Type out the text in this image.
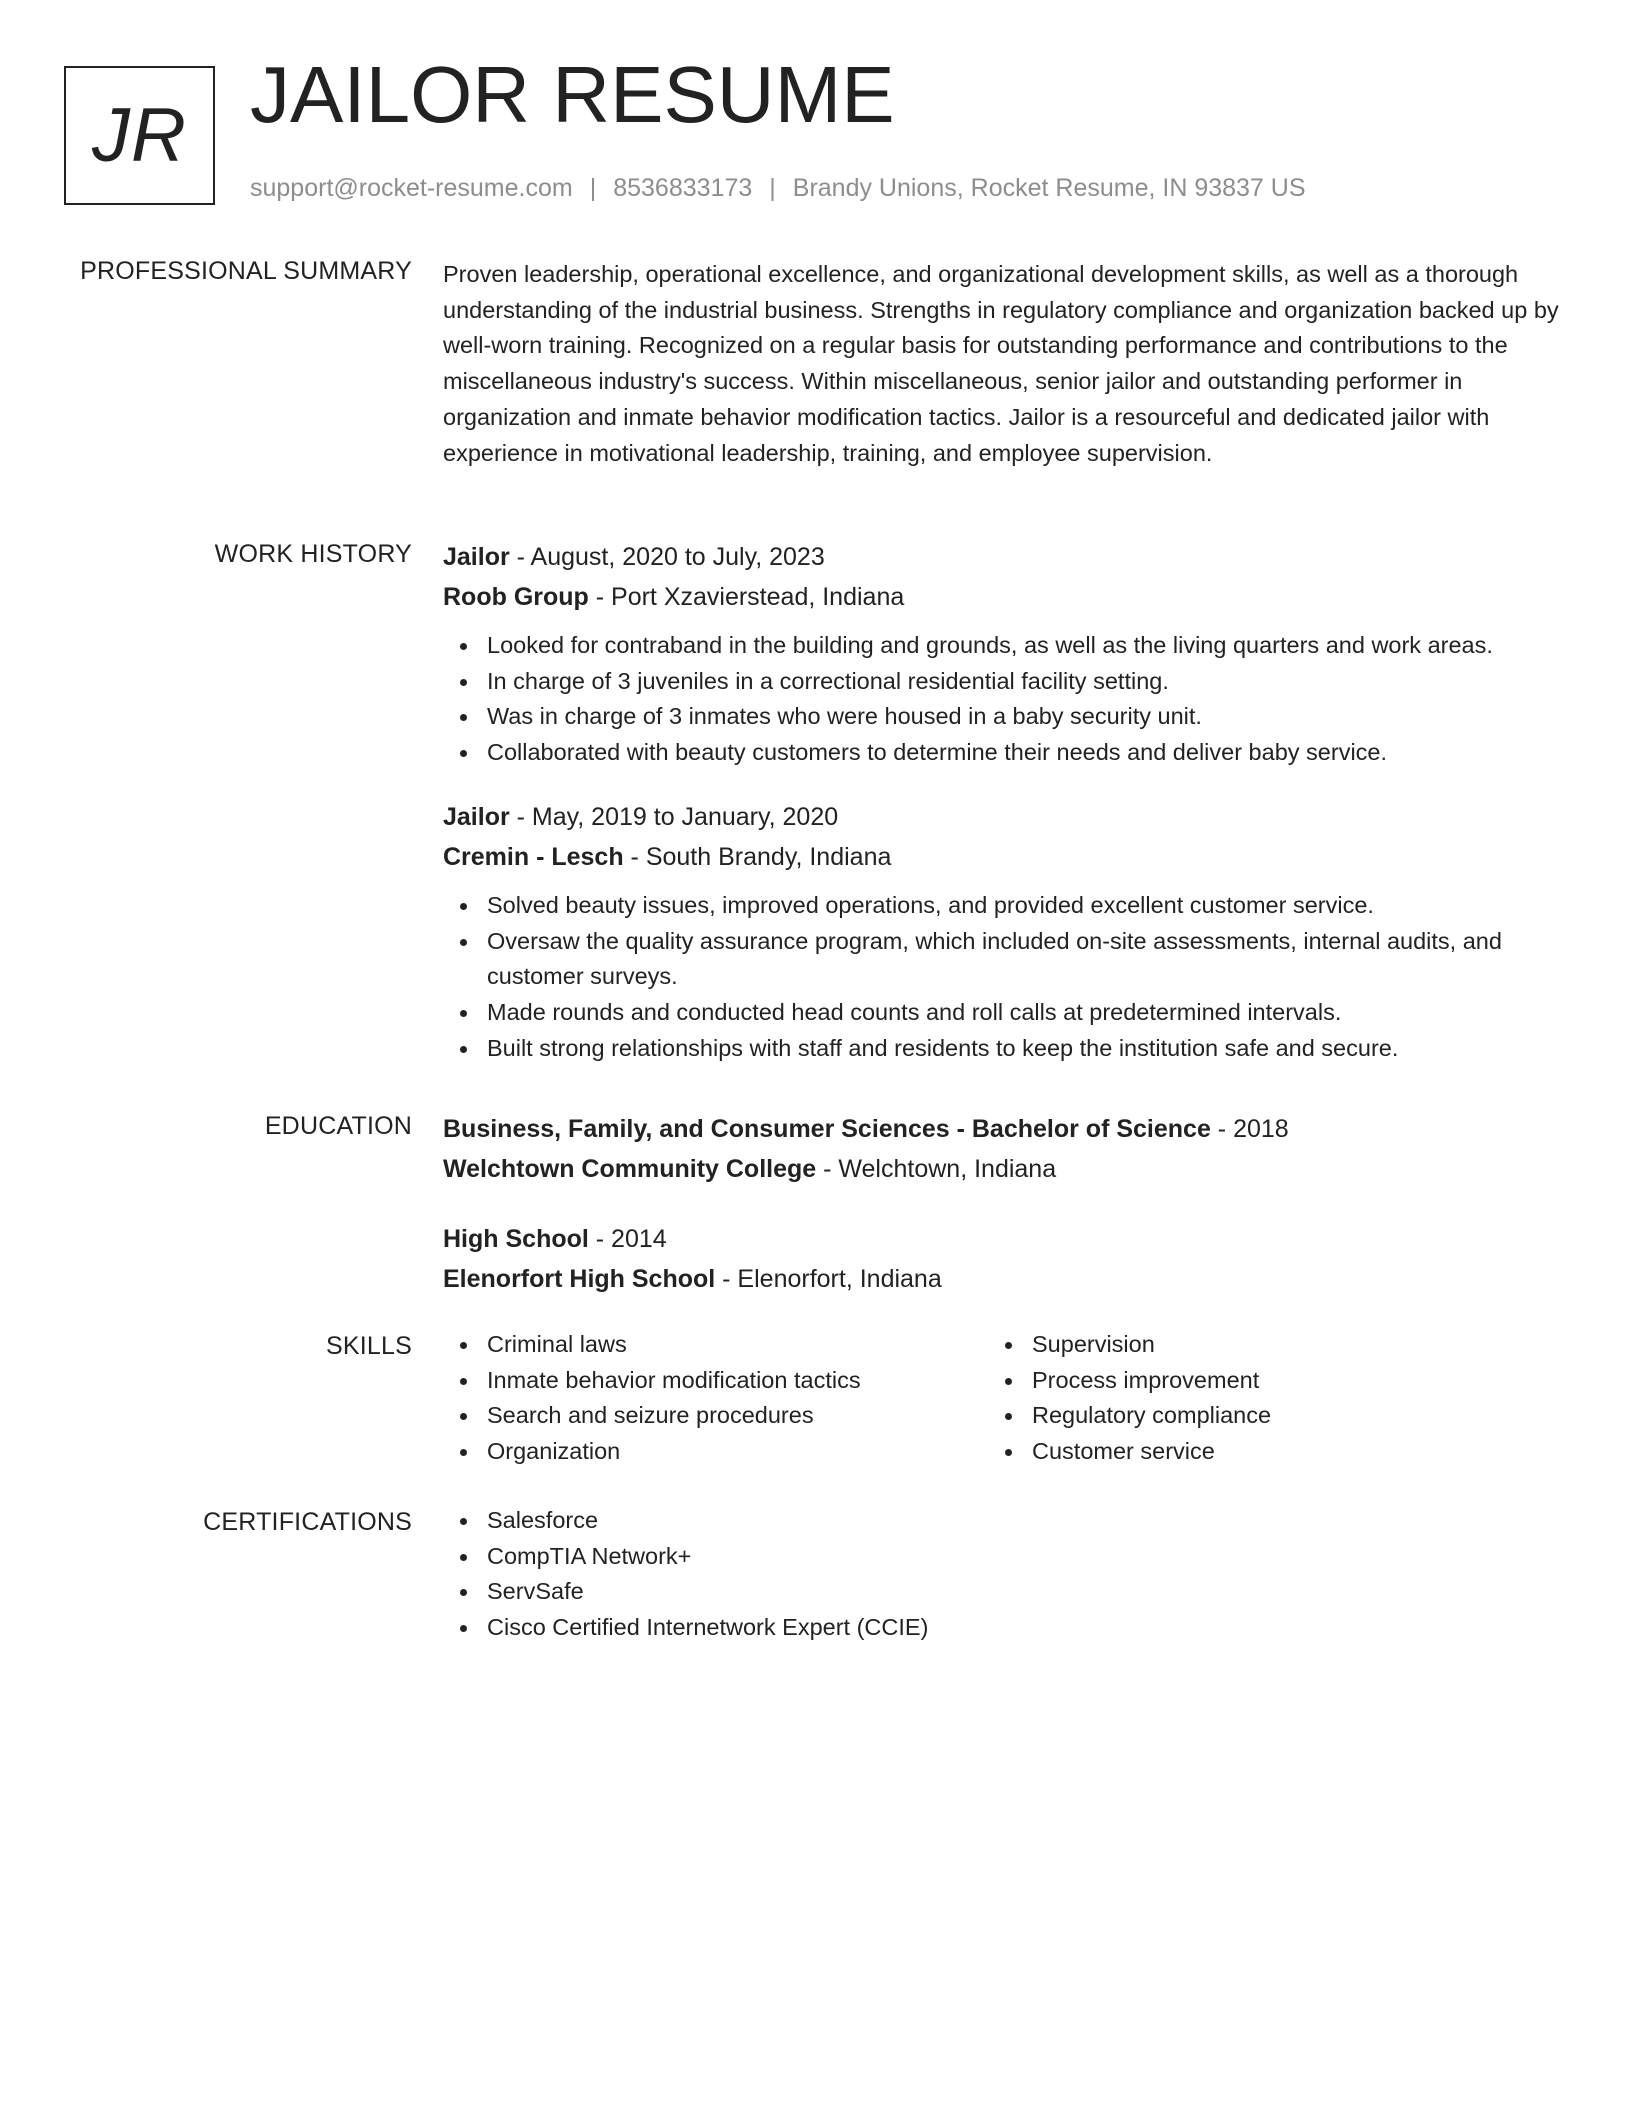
JR JAILOR RESUME
support@rocket-resume.com | 8536833173 | Brandy Unions, Rocket Resume, IN 93837 US
PROFESSIONAL SUMMARY Proven leadership, operational excellence, and organizational development skills, as well as a thorough understanding of the industrial business. Strengths in regulatory compliance and organization backed up by well-worn training. Recognized on a regular basis for outstanding performance and contributions to the miscellaneous industry's success. Within miscellaneous, senior jailor and outstanding performer in organization and inmate behavior modification tactics. Jailor is a resourceful and dedicated jailor with experience in motivational leadership, training, and employee supervision.

WORK HISTORY Jailor - August, 2020 to July, 2023
Roob Group - Port Xzavierstead, Indiana
Looked for contraband in the building and grounds, as well as the living quarters and work areas.
In charge of 3 juveniles in a correctional residential facility setting.
Was in charge of 3 inmates who were housed in a baby security unit.
Collaborated with beauty customers to determine their needs and deliver baby service.
Jailor - May, 2019 to January, 2020
Cremin - Lesch - South Brandy, Indiana
Solved beauty issues, improved operations, and provided excellent customer service.
Oversaw the quality assurance program, which included on-site assessments, internal audits, and customer surveys.
Made rounds and conducted head counts and roll calls at predetermined intervals.
Built strong relationships with staff and residents to keep the institution safe and secure.
EDUCATION Business, Family, and Consumer Sciences - Bachelor of Science - 2018
Welchtown Community College - Welchtown, Indiana
High School - 2014
Elenorfort High School - Elenorfort, Indiana
SKILLS	Criminal laws
Inmate behavior modification tactics
Search and seizure procedures
Organization
Supervision
Process improvement
Regulatory compliance
Customer service
CERTIFICATIONS	Salesforce
CompTIA Network+
ServSafe
Cisco Certified Internetwork Expert (CCIE)
